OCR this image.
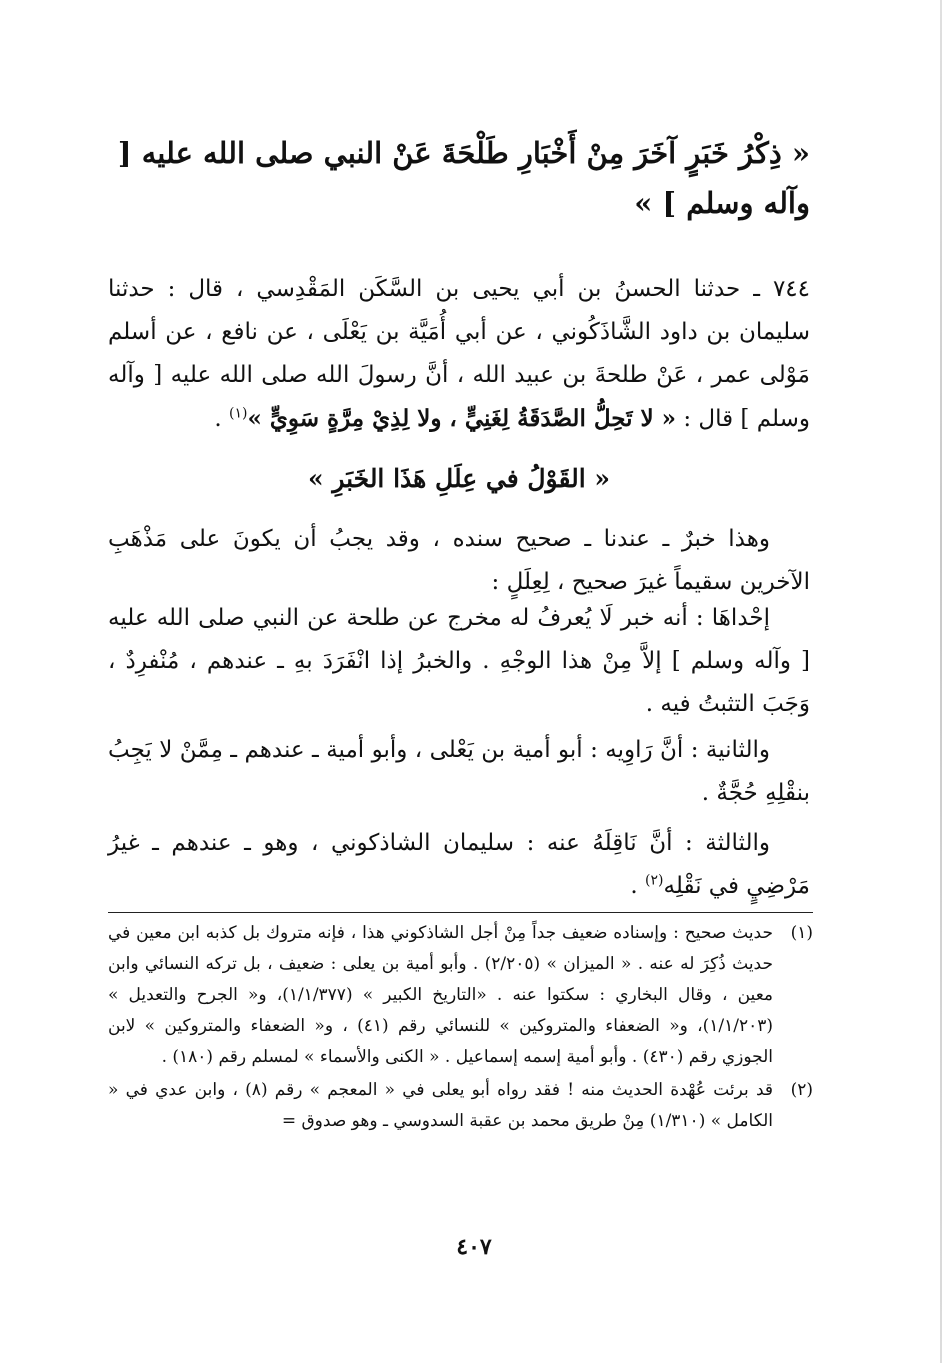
« ذِكْرُ خَبَرٍ آخَرَ مِنْ أَخْبَارِ طَلْحَةَ عَنْ النبي صلى الله عليه [ وآله وسلم ] »
٧٤٤ ـ حدثنا الحسنُ بن أبي يحيى بن السَّكَن المَقْدِسي ، قال : حدثنا سليمان بن داود الشَّاذَكُوني ، عن أبي أُمَيَّة بن يَعْلَى ، عن نافع ، عن أسلم مَوْلى عمر ، عَنْ طلحةَ بن عبيد الله ، أنَّ رسولَ الله صلى الله عليه [ وآله وسلم ] قال : « لا تَحِلُّ الصَّدَقَةُ لِغَنِيٍّ ، ولا لِذِيْ مِرَّةٍ سَوِيٍّ »$^{(١)}$ .
« القَوْلُ في عِلَلِ هَذَا الخَبَرِ »
وهذا خبرٌ ـ عندنا ـ صحيح سنده ، وقد يجبُ أن يكونَ على مَذْهَبِ الآخرين سقيماً غيرَ صحيح ، لِعِلَلٍ :
إحْداهَا : أنه خبر لَا يُعرفُ له مخرج عن طلحة عن النبي صلى الله عليه [ وآله وسلم ] إلاَّ مِنْ هذا الوجْهِ . والخبرُ إذا انْفَرَدَ بهِ ـ عندهم ، مُنْفرِدٌ ، وَجَبَ التثبتُ فيه .
والثانية : أنَّ رَاوِيه : أبو أمية بن يَعْلى ، وأبو أمية ـ عندهم ـ مِمَّنْ لا يَجِبُ بنقْلِهِ حُجَّةٌ .
والثالثة : أنَّ نَاقِلَهُ عنه : سليمان الشاذكوني ، وهو ـ عندهم ـ غيرُ مَرْضِيٍ في نَقْلِه$^{(٢)}$ .
(١)
حديث صحيح : وإسناده ضعيف جداً مِنْ أجل الشاذكوني هذا ، فإنه متروك بل كذبه ابن معين في حديث ذُكِرَ له عنه . « الميزان » (٢/٢٠٥) . وأبو أمية بن يعلى : ضعيف ، بل تركه النسائي وابن معين ، وقال البخاري : سكتوا عنه . «التاريخ الكبير » (١/١/٣٧٧)، و« الجرح والتعديل » (١/١/٢٠٣)، و« الضعفاء والمتروكين » للنسائي رقم (٤١) ، و« الضعفاء والمتروكين » لابن الجوزي رقم (٤٣٠) . وأبو أمية إسمه إسماعيل . « الكنى والأسماء » لمسلم رقم (١٨٠) .
(٢)
قد برئت عُهْدة الحديث منه ! فقد رواه أبو يعلى في « المعجم » رقم (٨) ، وابن عدي في « الكامل » (١/٣١٠) مِنْ طريق محمد بن عقبة السدوسي ـ وهو صدوق =
٤٠٧
